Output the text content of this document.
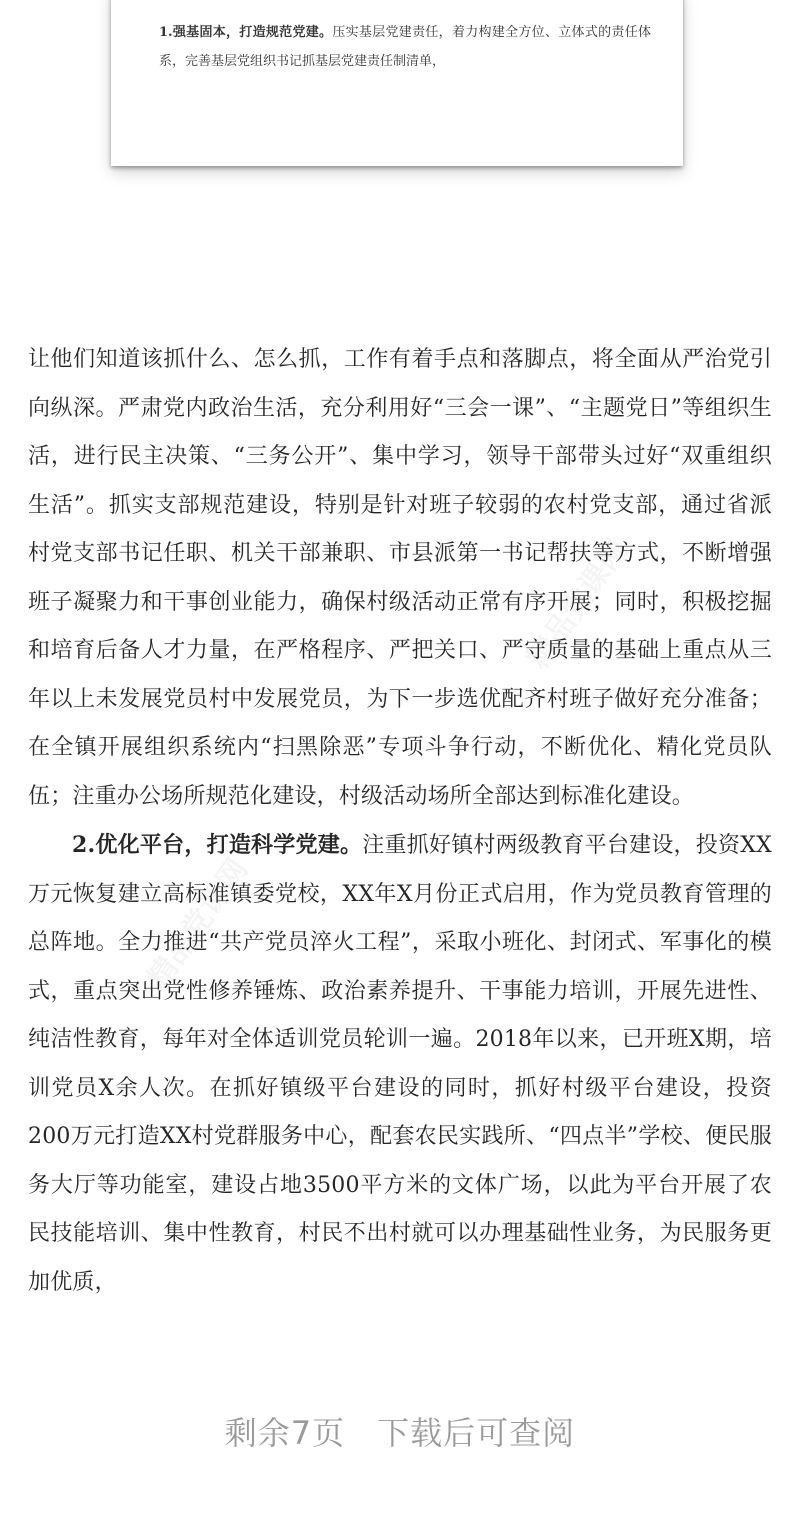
1.强基固本，打造规范党建。压实基层党建责任，着力构建全方位、立体式的责任体系，完善基层党组织书记抓基层党建责任制清单，

让他们知道该抓什么、怎么抓，工作有着手点和落脚点，将全面从严治党引向纵深。严肃党内政治生活，充分利用好“三会一课”、“主题党日”等组织生活，进行民主决策、“三务公开”、集中学习，领导干部带头过好“双重组织生活”。抓实支部规范建设，特别是针对班子较弱的农村党支部，通过省派村党支部书记任职、机关干部兼职、市县派第一书记帮扶等方式，不断增强班子凝聚力和干事创业能力，确保村级活动正常有序开展；同时，积极挖掘和培育后备人才力量，在严格程序、严把关口、严守质量的基础上重点从三年以上未发展党员村中发展党员，为下一步选优配齐村班子做好充分准备；在全镇开展组织系统内“扫黑除恶”专项斗争行动，不断优化、精化党员队伍；注重办公场所规范化建设，村级活动场所全部达到标准化建设。

2.优化平台，打造科学党建。注重抓好镇村两级教育平台建设，投资XX万元恢复建立高标准镇委党校，XX年X月份正式启用，作为党员教育管理的总阵地。全力推进“共产党员淬火工程”，采取小班化、封闭式、军事化的模式，重点突出党性修养锤炼、政治素养提升、干事能力培训，开展先进性、纯洁性教育，每年对全体适训党员轮训一遍。2018年以来，已开班X期，培训党员X余人次。在抓好镇级平台建设的同时，抓好村级平台建设，投资200万元打造XX村党群服务中心，配套农民实践所、“四点半”学校、便民服务大厅等功能室，建设占地3500平方米的文体广场，以此为平台开展了农民技能培训、集中性教育，村民不出村就可以办理基础性业务，为民服务更加优质，

剩余7页 下载后可查阅
